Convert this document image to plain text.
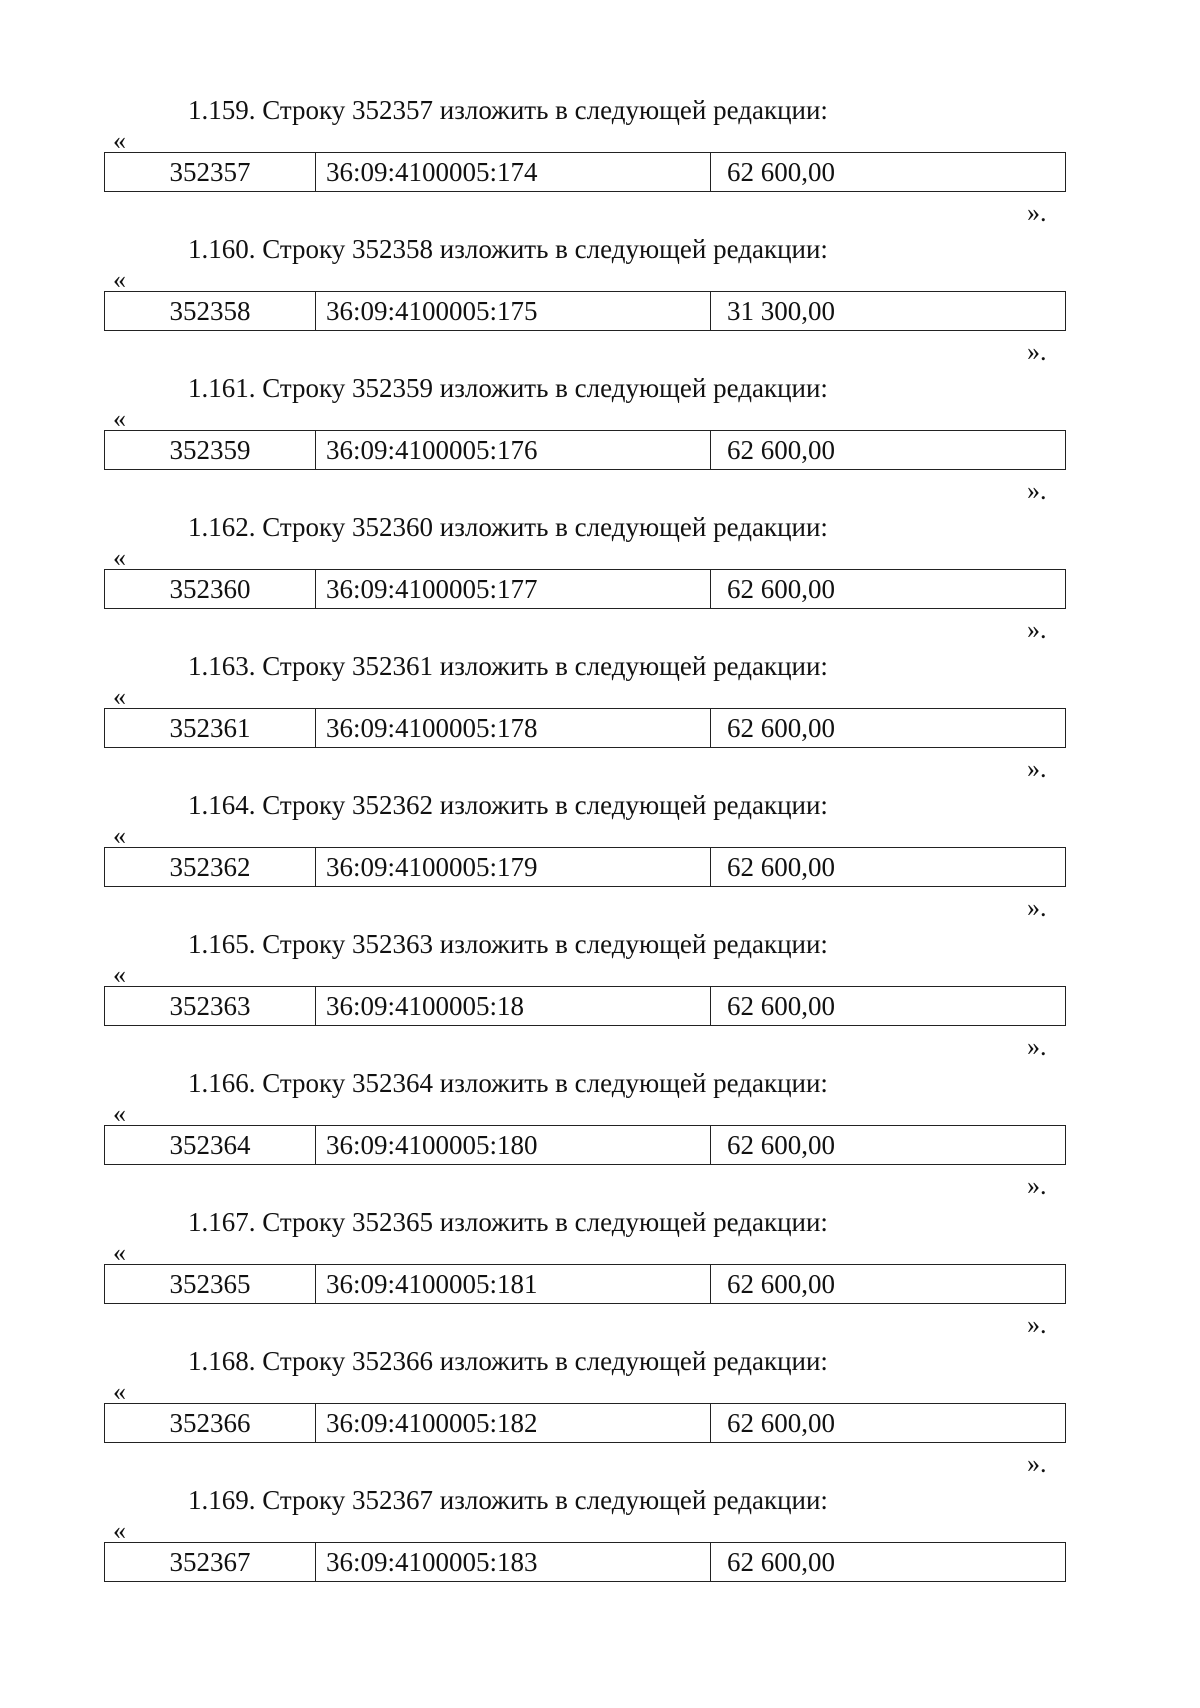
1.159. Строку 352357 изложить в следующей редакции:
«
352357	36:09:4100005:174	62 600,00
».
1.160. Строку 352358 изложить в следующей редакции:
«
352358	36:09:4100005:175	31 300,00
».
1.161. Строку 352359 изложить в следующей редакции:
«
352359	36:09:4100005:176	62 600,00
».
1.162. Строку 352360 изложить в следующей редакции:
«
352360	36:09:4100005:177	62 600,00
».
1.163. Строку 352361 изложить в следующей редакции:
«
352361	36:09:4100005:178	62 600,00
».
1.164. Строку 352362 изложить в следующей редакции:
«
352362	36:09:4100005:179	62 600,00
».
1.165. Строку 352363 изложить в следующей редакции:
«
352363	36:09:4100005:18	62 600,00
».
1.166. Строку 352364 изложить в следующей редакции:
«
352364	36:09:4100005:180	62 600,00
».
1.167. Строку 352365 изложить в следующей редакции:
«
352365	36:09:4100005:181	62 600,00
».
1.168. Строку 352366 изложить в следующей редакции:
«
352366	36:09:4100005:182	62 600,00
».
1.169. Строку 352367 изложить в следующей редакции:
«
352367	36:09:4100005:183	62 600,00
